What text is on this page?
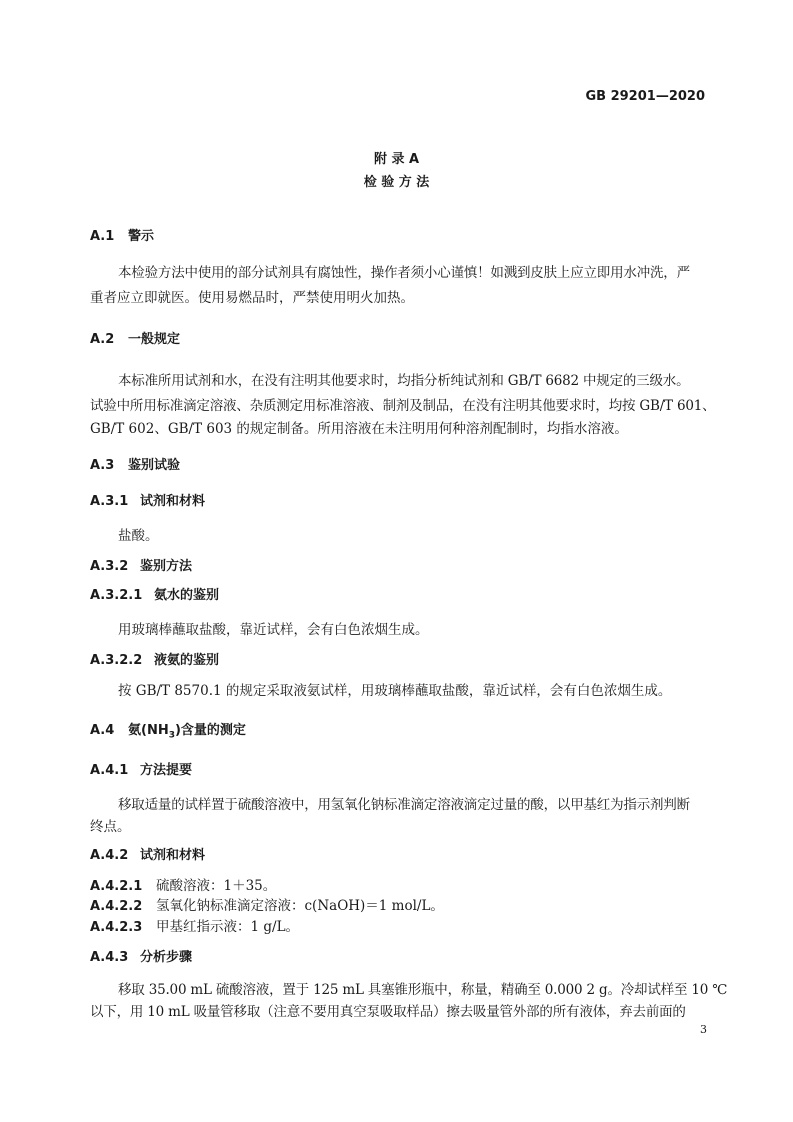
GB 29201—2020
附 录 A
检 验 方 法
A.1 警示
本检验方法中使用的部分试剂具有腐蚀性，操作者须小心谨慎！如溅到皮肤上应立即用水冲洗，严
重者应立即就医。使用易燃品时，严禁使用明火加热。
A.2 一般规定
本标准所用试剂和水，在没有注明其他要求时，均指分析纯试剂和 GB/T 6682 中规定的三级水。
试验中所用标准滴定溶液、杂质测定用标准溶液、制剂及制品，在没有注明其他要求时，均按 GB/T 601、
GB/T 602、GB/T 603 的规定制备。所用溶液在未注明用何种溶剂配制时，均指水溶液。
A.3 鉴别试验
A.3.1 试剂和材料
盐酸。
A.3.2 鉴别方法
A.3.2.1 氨水的鉴别
用玻璃棒蘸取盐酸，靠近试样，会有白色浓烟生成。
A.3.2.2 液氨的鉴别
按 GB/T 8570.1 的规定采取液氨试样，用玻璃棒蘸取盐酸，靠近试样，会有白色浓烟生成。
A.4 氨$(NH_3)$含量的测定
A.4.1 方法提要
移取适量的试样置于硫酸溶液中，用氢氧化钠标准滴定溶液滴定过量的酸，以甲基红为指示剂判断
终点。
A.4.2 试剂和材料
A.4.2.1 硫酸溶液：1＋35。
A.4.2.2 氢氧化钠标准滴定溶液：c(NaOH)＝1 mol/L。
A.4.2.3 甲基红指示液：1 g/L。
A.4.3 分析步骤
移取 35.00 mL 硫酸溶液，置于 125 mL 具塞锥形瓶中，称量，精确至 0.000 2 g。冷却试样至 10 ℃
以下，用 10 mL 吸量管移取（注意不要用真空泵吸取样品）擦去吸量管外部的所有液体，弃去前面的
3
